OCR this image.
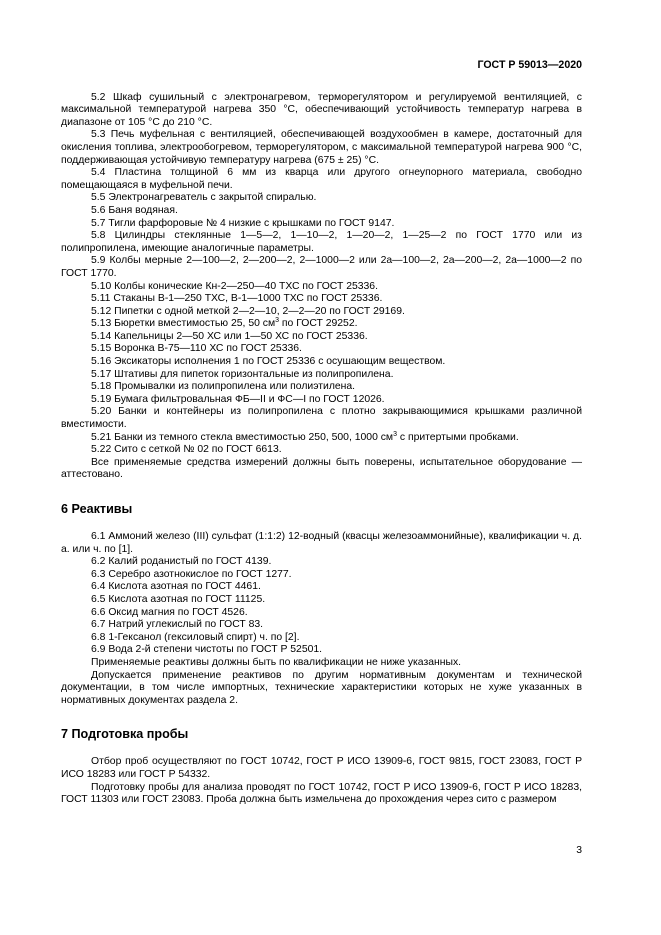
ГОСТ Р 59013—2020

5.2 Шкаф сушильный с электронагревом, терморегулятором и регулируемой вентиляцией, с максимальной температурой нагрева 350 °C, обеспечивающий устойчивость температур нагрева в диапазоне от 105 °C до 210 °C.

5.3 Печь муфельная с вентиляцией, обеспечивающей воздухообмен в камере, достаточный для окисления топлива, электрообогревом, терморегулятором, с максимальной температурой нагрева 900 °C, поддерживающая устойчивую температуру нагрева (675 ± 25) °C.

5.4 Пластина толщиной 6 мм из кварца или другого огнеупорного материала, свободно помещающаяся в муфельной печи.

5.5 Электронагреватель с закрытой спиралью.

5.6 Баня водяная.

5.7 Тигли фарфоровые № 4 низкие с крышками по ГОСТ 9147.

5.8 Цилиндры стеклянные 1—5—2, 1—10—2, 1—20—2, 1—25—2 по ГОСТ 1770 или из полипропилена, имеющие аналогичные параметры.

5.9 Колбы мерные 2—100—2, 2—200—2, 2—1000—2 или 2а—100—2, 2а—200—2, 2а—1000—2 по ГОСТ 1770.

5.10 Колбы конические Кн-2—250—40 ТХС по ГОСТ 25336.

5.11 Стаканы В-1—250 ТХС, В-1—1000 ТХС по ГОСТ 25336.

5.12 Пипетки с одной меткой 2—2—10, 2—2—20 по ГОСТ 29169.

5.13 Бюретки вместимостью 25, 50 $см^3$ по ГОСТ 29252.

5.14 Капельницы 2—50 ХС или 1—50 ХС по ГОСТ 25336.

5.15 Воронка В-75—110 ХС по ГОСТ 25336.

5.16 Эксикаторы исполнения 1 по ГОСТ 25336 с осушающим веществом.

5.17 Штативы для пипеток горизонтальные из полипропилена.

5.18 Промывалки из полипропилена или полиэтилена.

5.19 Бумага фильтровальная ФБ—II и ФС—I по ГОСТ 12026.

5.20 Банки и контейнеры из полипропилена с плотно закрывающимися крышками различной вместимости.

5.21 Банки из темного стекла вместимостью 250, 500, 1000 $см^3$ с притертыми пробками.

5.22 Сито с сеткой № 02 по ГОСТ 6613.

Все применяемые средства измерений должны быть поверены, испытательное оборудование — аттестовано.

6 Реактивы

6.1 Аммоний железо (III) сульфат (1:1:2) 12-водный (квасцы железоаммонийные), квалификации ч. д. а. или ч. по [1].

6.2 Калий роданистый по ГОСТ 4139.

6.3 Серебро азотнокислое по ГОСТ 1277.

6.4 Кислота азотная по ГОСТ 4461.

6.5 Кислота азотная по ГОСТ 11125.

6.6 Оксид магния по ГОСТ 4526.

6.7 Натрий углекислый по ГОСТ 83.

6.8 1-Гексанол (гексиловый спирт) ч. по [2].

6.9 Вода 2-й степени чистоты по ГОСТ Р 52501.

Применяемые реактивы должны быть по квалификации не ниже указанных.

Допускается применение реактивов по другим нормативным документам и технической документации, в том числе импортных, технические характеристики которых не хуже указанных в нормативных документах раздела 2.

7 Подготовка пробы

Отбор проб осуществляют по ГОСТ 10742, ГОСТ Р ИСО 13909-6, ГОСТ 9815, ГОСТ 23083, ГОСТ Р ИСО 18283 или ГОСТ Р 54332.

Подготовку пробы для анализа проводят по ГОСТ 10742, ГОСТ Р ИСО 13909-6, ГОСТ Р ИСО 18283, ГОСТ 11303 или ГОСТ 23083. Проба должна быть измельчена до прохождения через сито с размером

3
